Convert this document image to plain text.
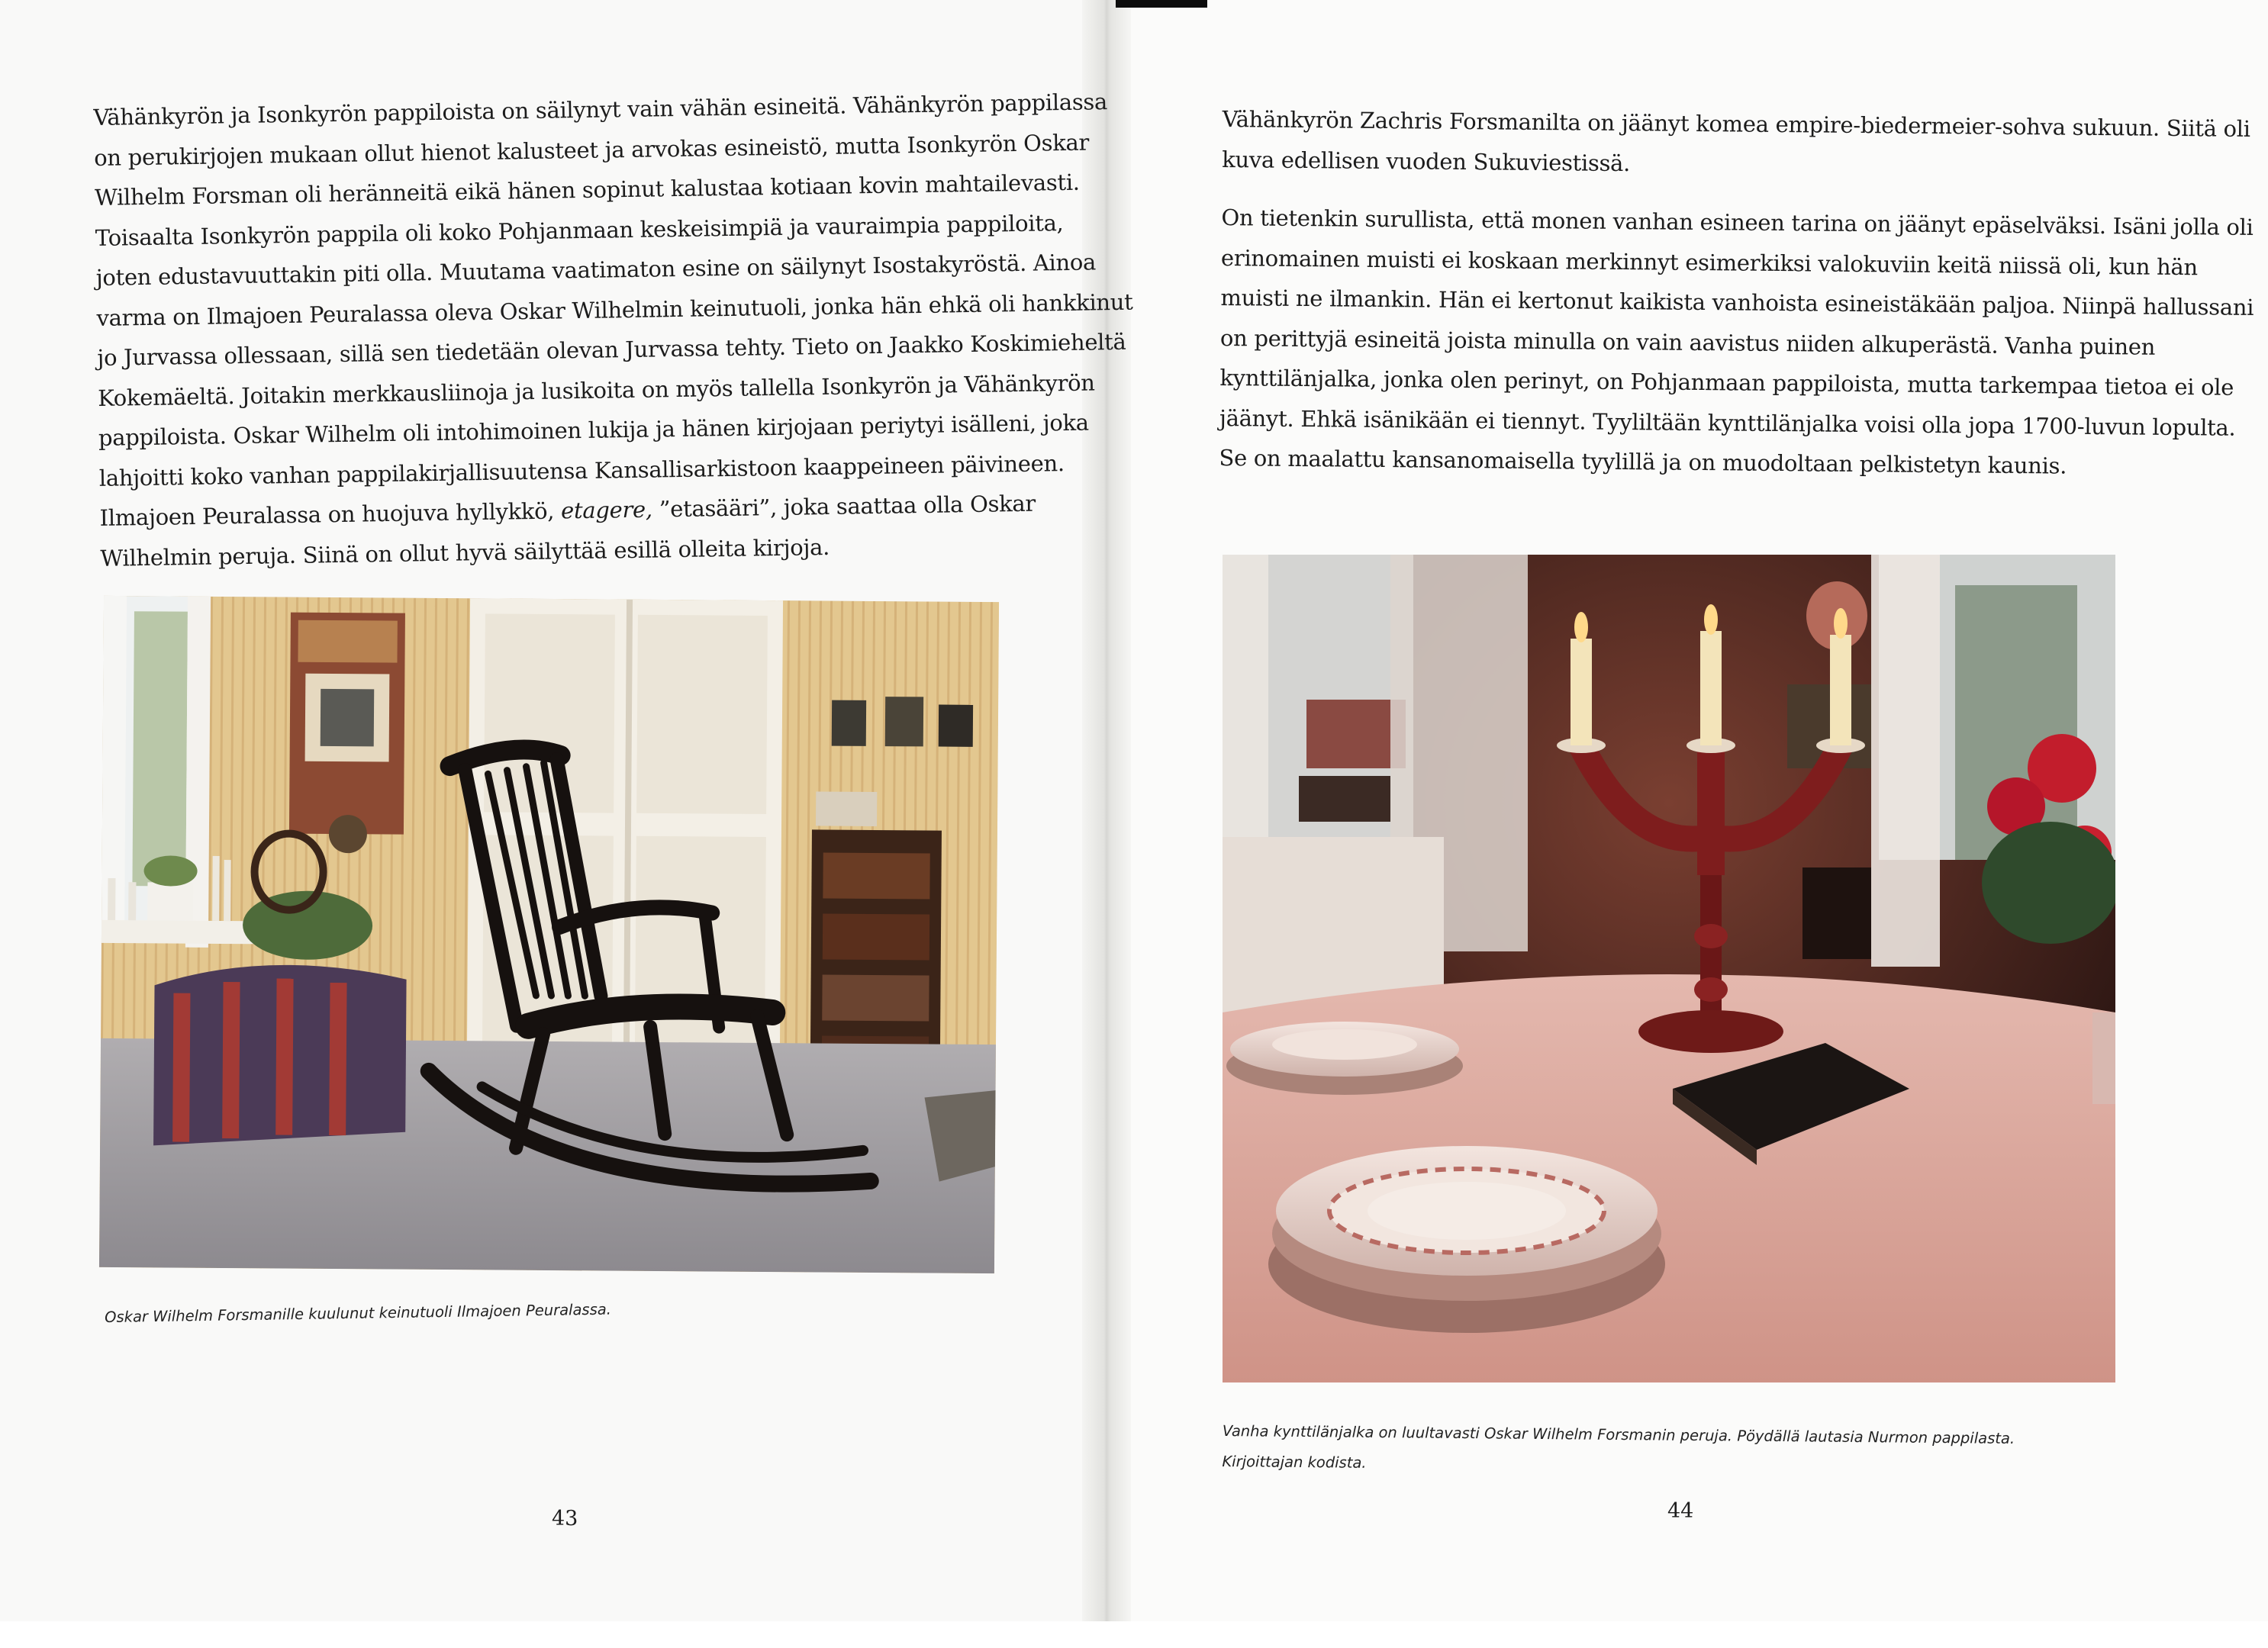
Vähänkyrön ja Isonkyrön pappiloista on säilynyt vain vähän esineitä. Vähänkyrön pappilassa
on perukirjojen mukaan ollut hienot kalusteet ja arvokas esineistö, mutta Isonkyrön Oskar
Wilhelm Forsman oli heränneitä eikä hänen sopinut kalustaa kotiaan kovin mahtailevasti.
Toisaalta Isonkyrön pappila oli koko Pohjanmaan keskeisimpiä ja vauraimpia pappiloita,
joten edustavuuttakin piti olla. Muutama vaatimaton esine on säilynyt Isostakyröstä. Ainoa
varma on Ilmajoen Peuralassa oleva Oskar Wilhelmin keinutuoli, jonka hän ehkä oli hankkinut
jo Jurvassa ollessaan, sillä sen tiedetään olevan Jurvassa tehty. Tieto on Jaakko Koskimieheltä
Kokemäeltä. Joitakin merkkausliinoja ja lusikoita on myös tallella Isonkyrön ja Vähänkyrön
pappiloista. Oskar Wilhelm oli intohimoinen lukija ja hänen kirjojaan periytyi isälleni, joka
lahjoitti koko vanhan pappilakirjallisuutensa Kansallisarkistoon kaappeineen päivineen.
Ilmajoen Peuralassa on huojuva hyllykkö, etagere, ”etasääri”, joka saattaa olla Oskar
Wilhelmin peruja. Siinä on ollut hyvä säilyttää esillä olleita kirjoja.
Oskar Wilhelm Forsmanille kuulunut keinutuoli Ilmajoen Peuralassa.
43
Vähänkyrön Zachris Forsmanilta on jäänyt komea empire-biedermeier-sohva sukuun. Siitä oli
kuva edellisen vuoden Sukuviestissä.
On tietenkin surullista, että monen vanhan esineen tarina on jäänyt epäselväksi. Isäni jolla oli
erinomainen muisti ei koskaan merkinnyt esimerkiksi valokuviin keitä niissä oli, kun hän
muisti ne ilmankin. Hän ei kertonut kaikista vanhoista esineistäkään paljoa. Niinpä hallussani
on perittyjä esineitä joista minulla on vain aavistus niiden alkuperästä. Vanha puinen
kynttilänjalka, jonka olen perinyt, on Pohjanmaan pappiloista, mutta tarkempaa tietoa ei ole
jäänyt. Ehkä isänikään ei tiennyt. Tyyliltään kynttilänjalka voisi olla jopa 1700-luvun lopulta.
Se on maalattu kansanomaisella tyylillä ja on muodoltaan pelkistetyn kaunis.
Vanha kynttilänjalka on luultavasti Oskar Wilhelm Forsmanin peruja. Pöydällä lautasia Nurmon pappilasta.
Kirjoittajan kodista.
44
